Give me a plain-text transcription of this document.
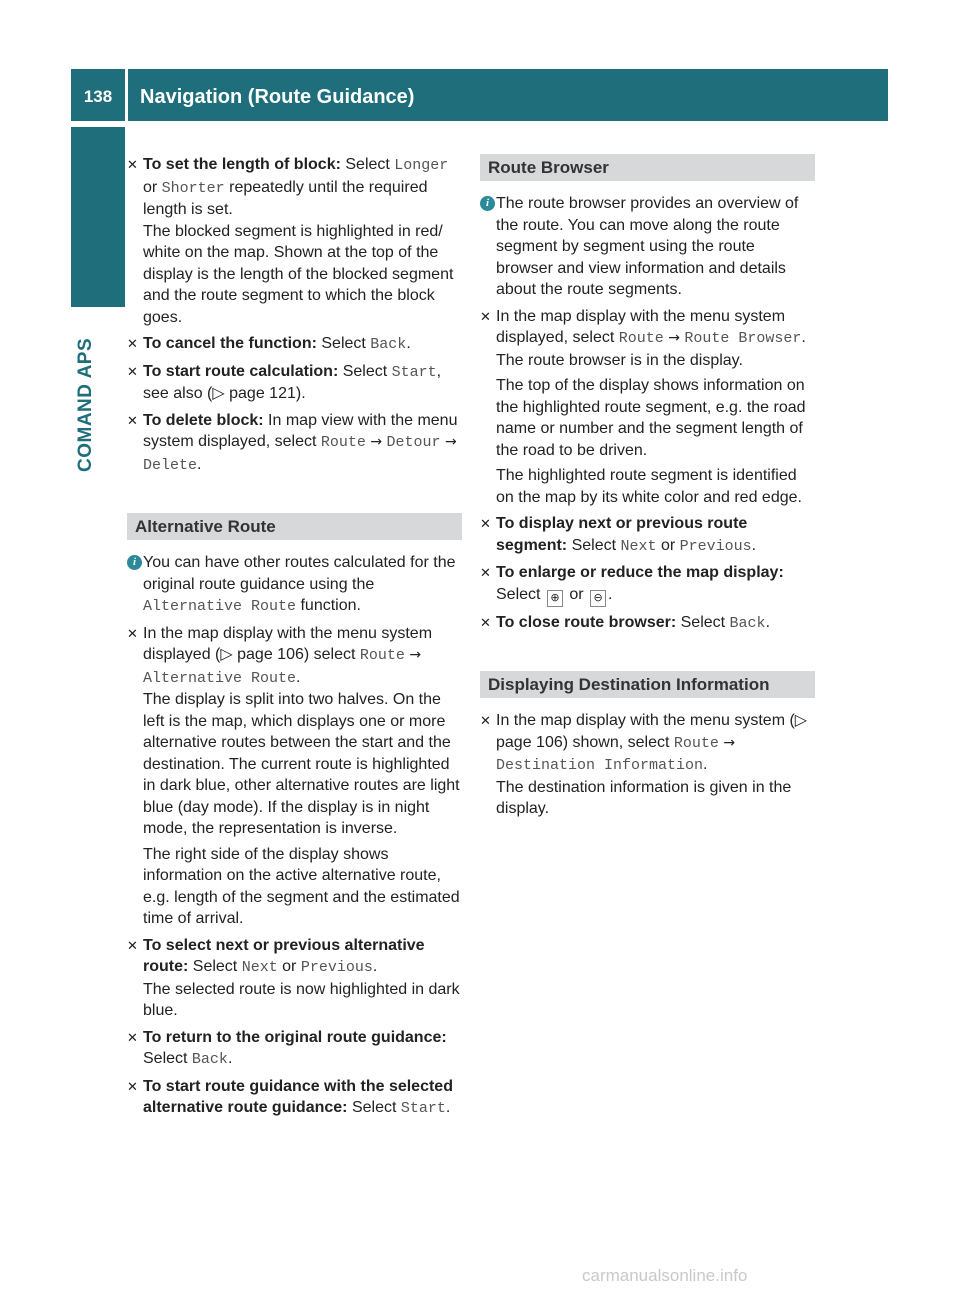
138	Navigation (Route Guidance)
COMAND APS
✕ To set the length of block: Select Longer or Shorter repeatedly until the required length is set.
The blocked segment is highlighted in red/ white on the map. Shown at the top of the display is the length of the blocked segment and the route segment to which the block goes.
✕ To cancel the function: Select Back.
✕ To start route calculation: Select Start, see also (▷ page 121).
✕ To delete block: In map view with the menu system displayed, select Route → Detour → Delete.
Alternative Route
i You can have other routes calculated for the original route guidance using the Alternative Route function.
✕ In the map display with the menu system displayed (▷ page 106) select Route → Alternative Route.
The display is split into two halves. On the left is the map, which displays one or more alternative routes between the start and the destination. The current route is highlighted in dark blue, other alternative routes are light blue (day mode). If the display is in night mode, the representation is inverse.
The right side of the display shows information on the active alternative route, e.g. length of the segment and the estimated time of arrival.
✕ To select next or previous alternative route: Select Next or Previous.
The selected route is now highlighted in dark blue.
✕ To return to the original route guidance: Select Back.
✕ To start route guidance with the selected alternative route guidance: Select Start.
Route Browser
i The route browser provides an overview of the route. You can move along the route segment by segment using the route browser and view information and details about the route segments.
✕ In the map display with the menu system displayed, select Route → Route Browser.
The route browser is in the display.
The top of the display shows information on the highlighted route segment, e.g. the road name or number and the segment length of the road to be driven.
The highlighted route segment is identified on the map by its white color and red edge.
✕ To display next or previous route segment: Select Next or Previous.
✕ To enlarge or reduce the map display: Select ⊕ or ⊖ .
✕ To close route browser: Select Back.
Displaying Destination Information
✕ In the map display with the menu system (▷ page 106) shown, select Route → Destination Information.
The destination information is given in the display.
carmanualsonline.info
